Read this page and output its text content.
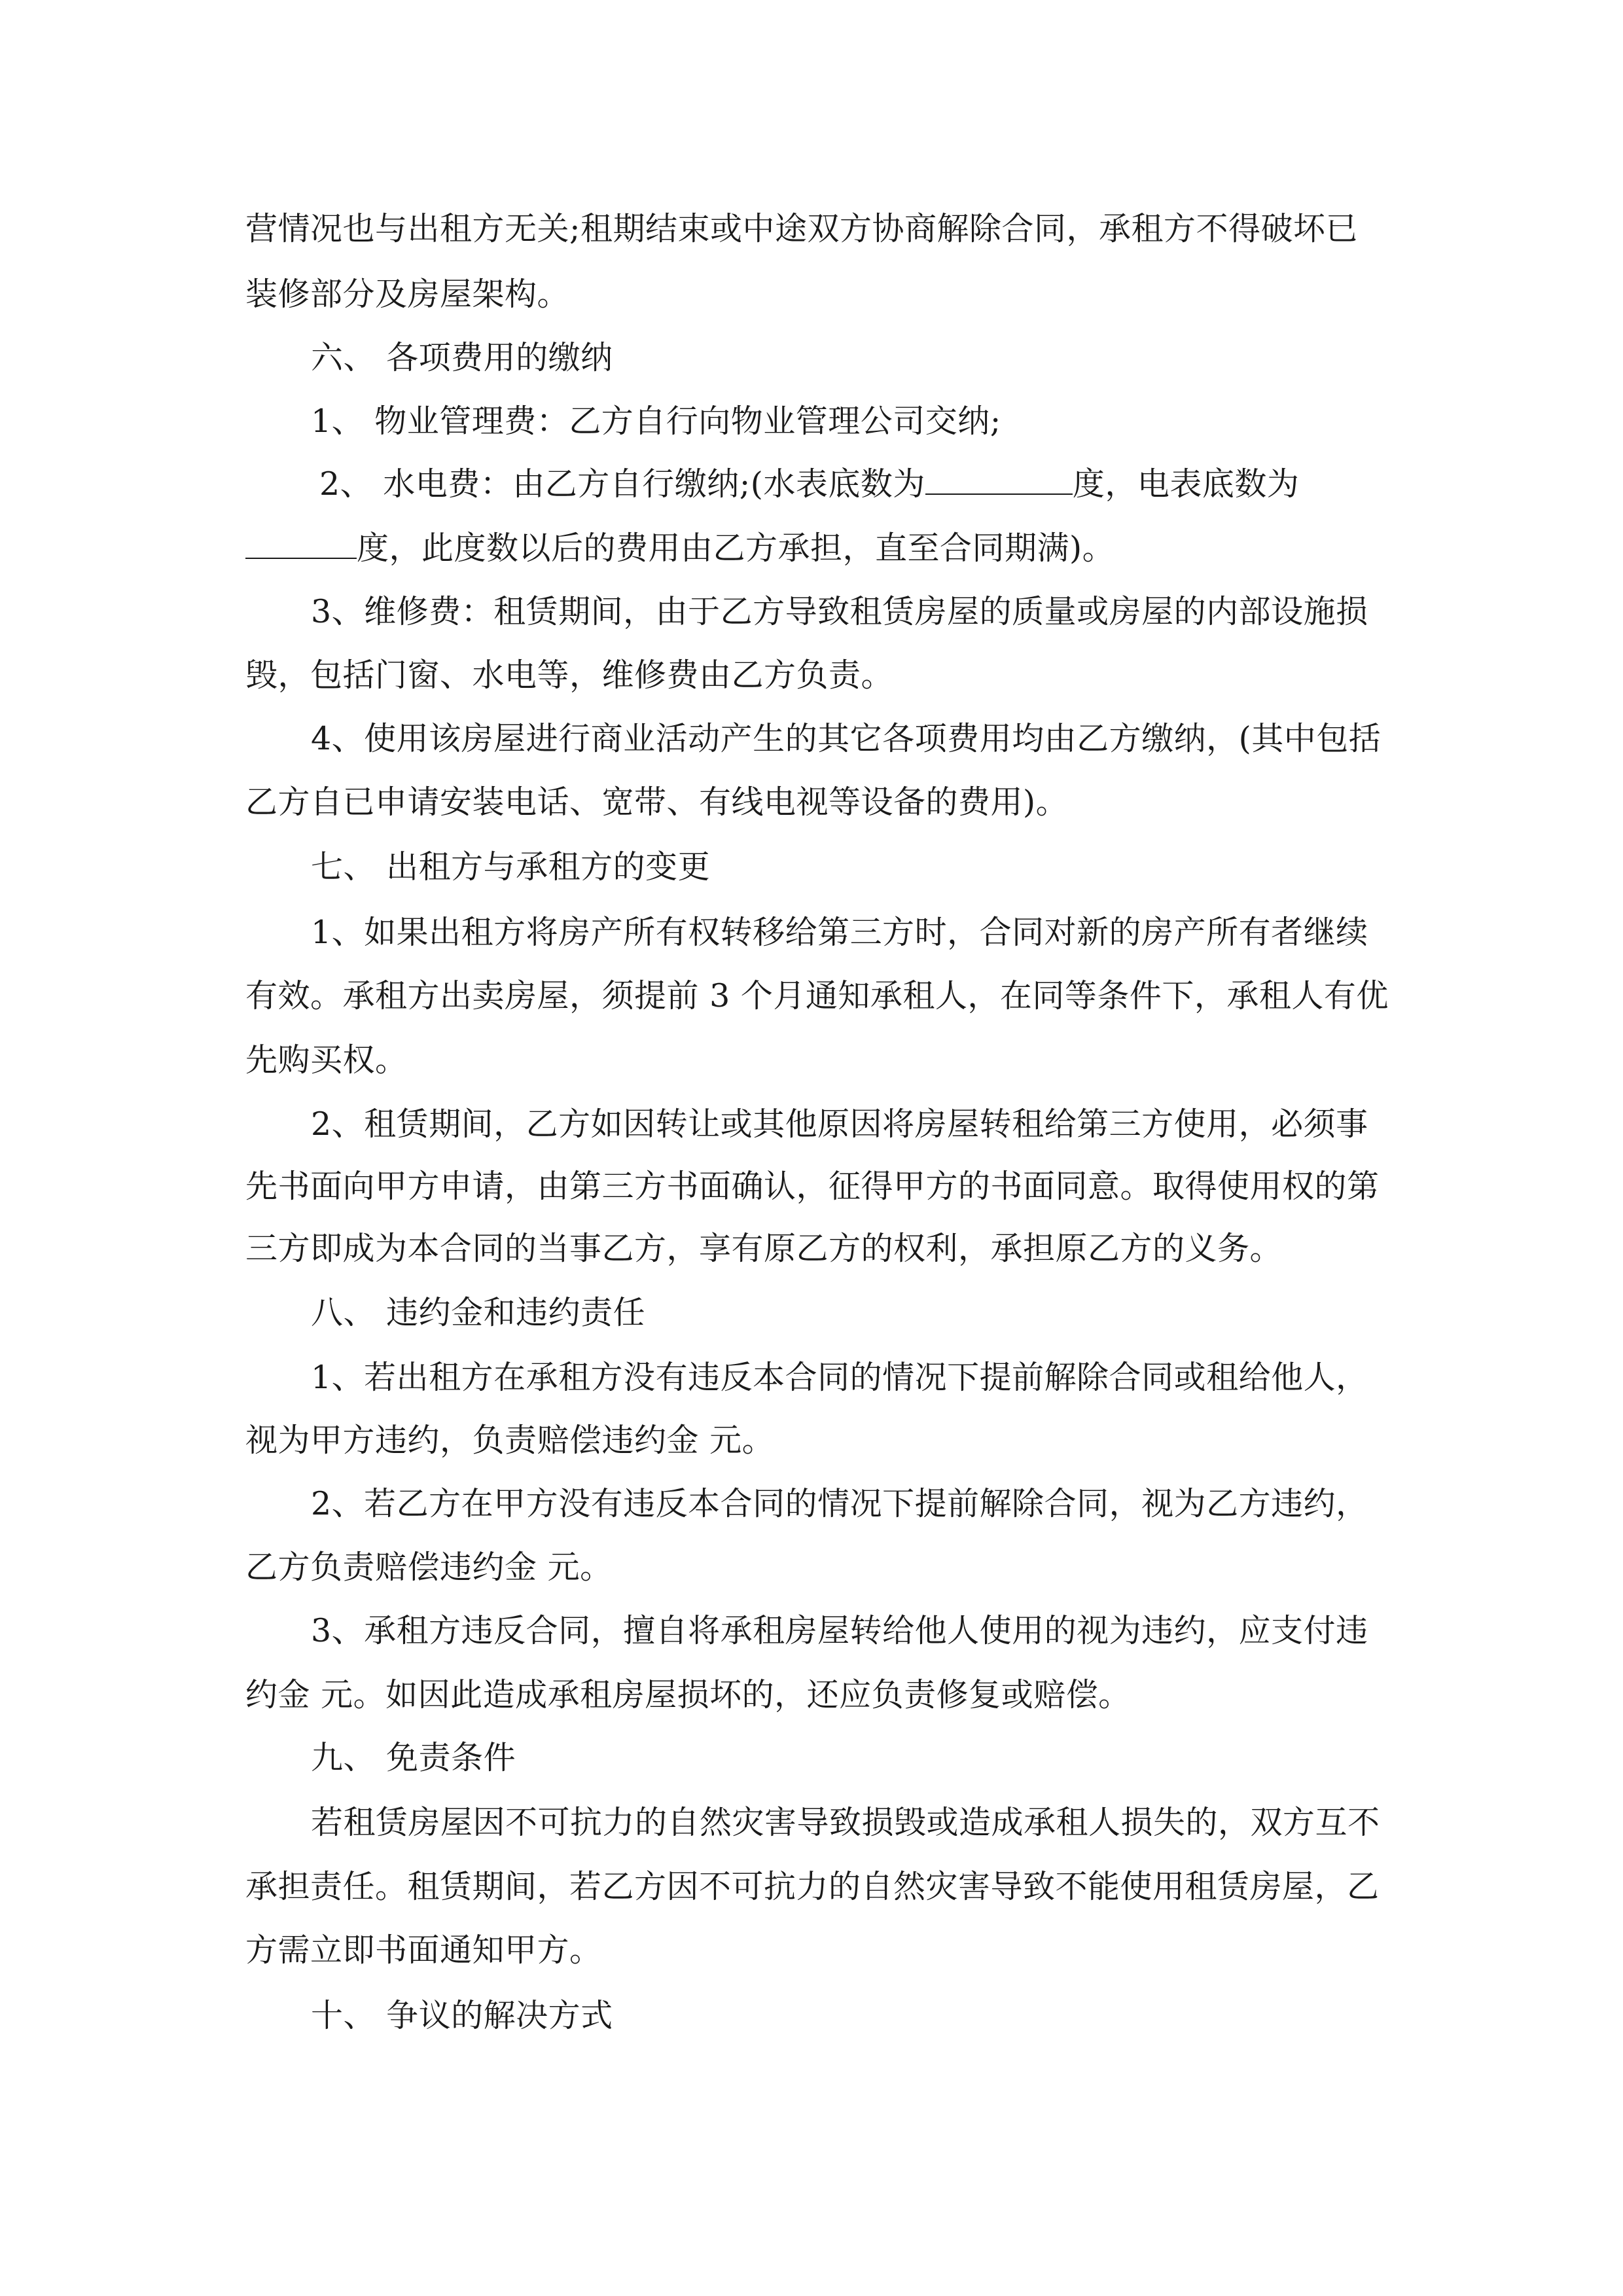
营情况也与出租方无关;租期结束或中途双方协商解除合同，承租方不得破坏已
装修部分及房屋架构。
六、 各项费用的缴纳
1、 物业管理费：乙方自行向物业管理公司交纳;
2、 水电费：由乙方自行缴纳;(水表底数为	度，电表底数为
度，此度数以后的费用由乙方承担，直至合同期满)。
3、维修费：租赁期间，由于乙方导致租赁房屋的质量或房屋的内部设施损
毁，包括门窗、水电等，维修费由乙方负责。
4、使用该房屋进行商业活动产生的其它各项费用均由乙方缴纳，(其中包括
乙方自已申请安装电话、宽带、有线电视等设备的费用)。
七、 出租方与承租方的变更
1、如果出租方将房产所有权转移给第三方时，合同对新的房产所有者继续
有效。承租方出卖房屋，须提前 3 个月通知承租人，在同等条件下，承租人有优
先购买权。
2、租赁期间，乙方如因转让或其他原因将房屋转租给第三方使用，必须事
先书面向甲方申请，由第三方书面确认，征得甲方的书面同意。取得使用权的第
三方即成为本合同的当事乙方，享有原乙方的权利，承担原乙方的义务。
八、 违约金和违约责任
1、若出租方在承租方没有违反本合同的情况下提前解除合同或租给他人，
视为甲方违约，负责赔偿违约金 元。
2、若乙方在甲方没有违反本合同的情况下提前解除合同，视为乙方违约，
乙方负责赔偿违约金 元。
3、承租方违反合同，擅自将承租房屋转给他人使用的视为违约，应支付违
约金 元。如因此造成承租房屋损坏的，还应负责修复或赔偿。
九、 免责条件
若租赁房屋因不可抗力的自然灾害导致损毁或造成承租人损失的，双方互不
承担责任。租赁期间，若乙方因不可抗力的自然灾害导致不能使用租赁房屋，乙
方需立即书面通知甲方。
十、 争议的解决方式
